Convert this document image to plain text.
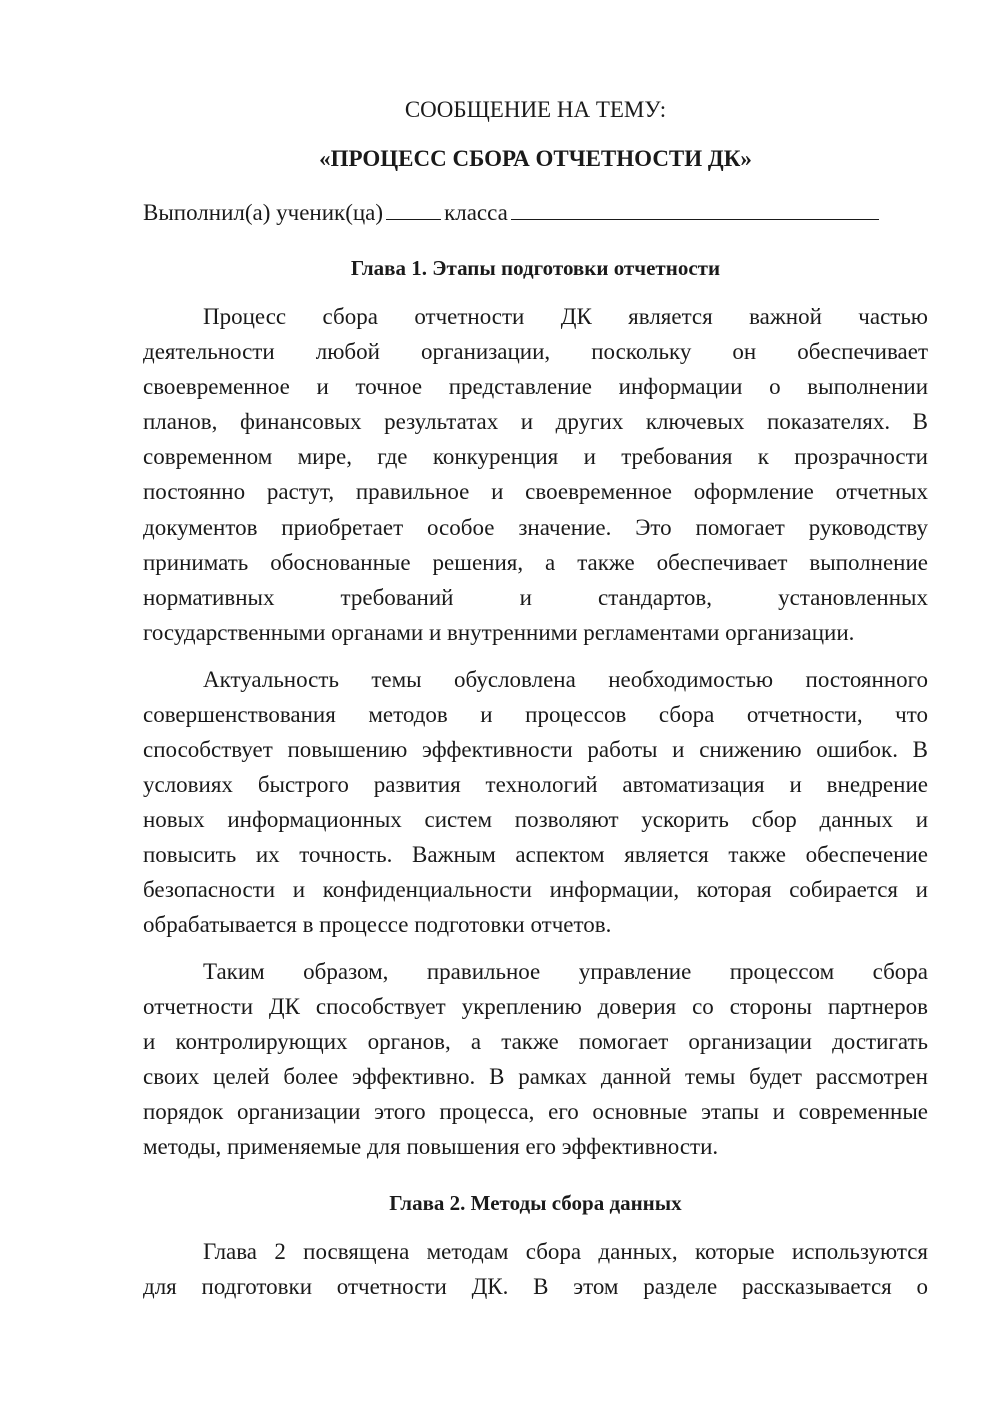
СООБЩЕНИЕ НА ТЕМУ:
«ПРОЦЕСС СБОРА ОТЧЕТНОСТИ ДК»
Выполнил(а) ученик(ца)	класса
Глава 1. Этапы подготовки отчетности
Процесс сбора отчетности ДК является важной частью
деятельности любой организации, поскольку он обеспечивает
своевременное и точное представление информации о выполнении
планов, финансовых результатах и других ключевых показателях. В
современном мире, где конкуренция и требования к прозрачности
постоянно растут, правильное и своевременное оформление отчетных
документов приобретает особое значение. Это помогает руководству
принимать обоснованные решения, а также обеспечивает выполнение
нормативных требований и стандартов, установленных
государственными органами и внутренними регламентами организации.
Актуальность темы обусловлена необходимостью постоянного
совершенствования методов и процессов сбора отчетности, что
способствует повышению эффективности работы и снижению ошибок. В
условиях быстрого развития технологий автоматизация и внедрение
новых информационных систем позволяют ускорить сбор данных и
повысить их точность. Важным аспектом является также обеспечение
безопасности и конфиденциальности информации, которая собирается и
обрабатывается в процессе подготовки отчетов.
Таким образом, правильное управление процессом сбора
отчетности ДК способствует укреплению доверия со стороны партнеров
и контролирующих органов, а также помогает организации достигать
своих целей более эффективно. В рамках данной темы будет рассмотрен
порядок организации этого процесса, его основные этапы и современные
методы, применяемые для повышения его эффективности.
Глава 2. Методы сбора данных
Глава 2 посвящена методам сбора данных, которые используются
для подготовки отчетности ДК. В этом разделе рассказывается о
